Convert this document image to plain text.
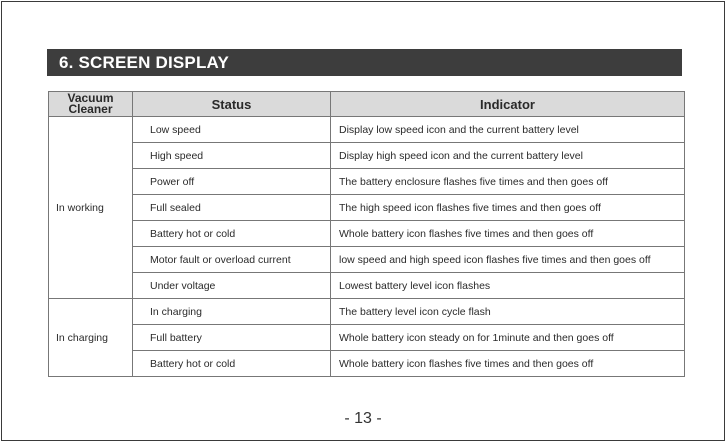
6. SCREEN DISPLAY
Vacuum
Cleaner	Status	Indicator
In working	Low speed	Display low speed icon and the current battery level
	High speed	Display high speed icon and the current battery level
	Power off	The battery enclosure flashes five times and then goes off
	Full sealed	The high speed icon flashes five times and then goes off
	Battery hot or cold	Whole battery icon flashes five times and then goes off
	Motor fault or overload current	low speed and high speed icon flashes five times and then goes off
	Under voltage	Lowest battery level icon flashes
In charging	In charging	The battery level icon cycle flash
	Full battery	Whole battery icon steady on for 1minute and then goes off
	Battery hot or cold	Whole battery icon flashes five times and then goes off
- 13 -
